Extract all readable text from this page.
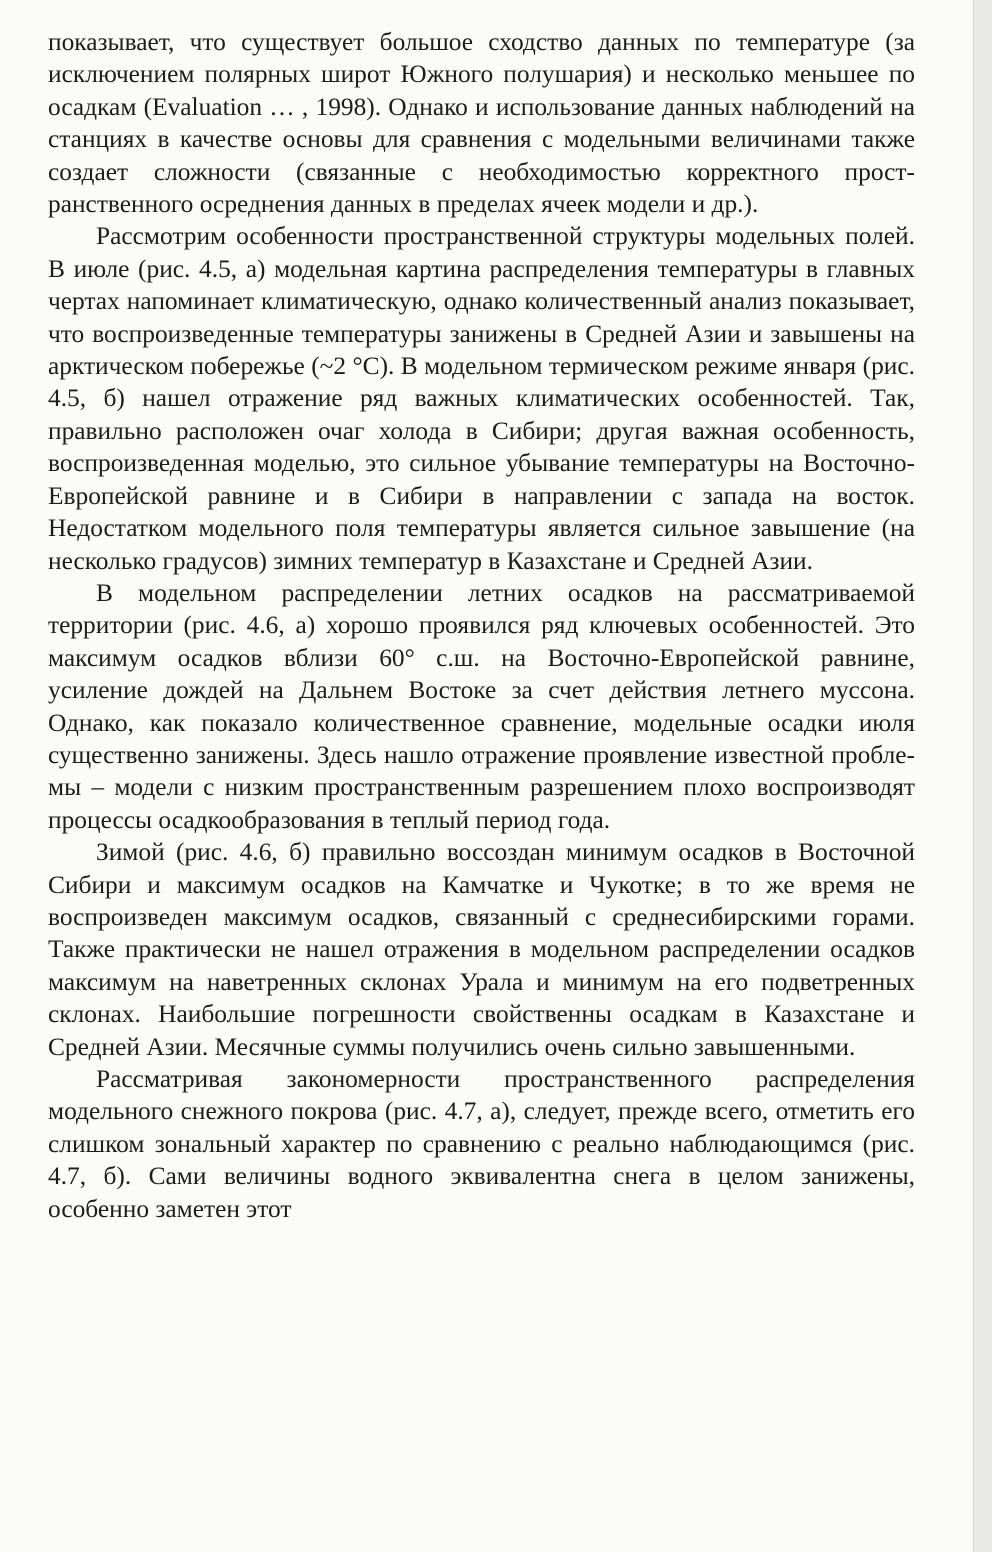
показывает, что существует большое сходство данных по температуре (за исключением полярных широт Южного полушария) и несколько меньшее по осадкам (Evaluation … , 1998). Однако и использование данных наблюдений на станциях в качестве основы для сравнения с модельными величинами также создает сложности (связанные с необходимостью корректного пространственного осреднения данных в пределах ячеек модели и др.).

Рассмотрим особенности пространственной структуры модельных полей. В июле (рис. 4.5, а) модельная картина распределения температуры в главных чертах напоминает климатическую, однако количественный анализ показывает, что воспроизведенные температуры занижены в Средней Азии и завышены на арктическом побережье (~2 °С). В модельном термическом режиме января (рис. 4.5, б) нашел отражение ряд важных климатических особенностей. Так, правильно расположен очаг холода в Сибири; другая важная особенность, воспроизведенная моделью, это сильное убывание температуры на Восточно-Европейской равнине и в Сибири в направлении с запада на восток. Недостатком модельного поля температуры является сильное завышение (на несколько градусов) зимних температур в Казахстане и Средней Азии.

В модельном распределении летних осадков на рассматриваемой территории (рис. 4.6, а) хорошо проявился ряд ключевых особенностей. Это максимум осадков вблизи 60° с.ш. на Восточно-Европейской равнине, усиление дождей на Дальнем Востоке за счет действия летнего муссона. Однако, как показало количественное сравнение, модельные осадки июля существенно занижены. Здесь нашло отражение проявление известной проблемы – модели с низким пространственным разрешением плохо воспроизводят процессы осадкообразования в теплый период года.

Зимой (рис. 4.6, б) правильно воссоздан минимум осадков в Восточной Сибири и максимум осадков на Камчатке и Чукотке; в то же время не воспроизведен максимум осадков, связанный с среднесибирскими горами. Также практически не нашел отражения в модельном распределении осадков максимум на наветренных склонах Урала и минимум на его подветренных склонах. Наибольшие погрешности свойственны осадкам в Казахстане и Средней Азии. Месячные суммы получились очень сильно завышенными.

Рассматривая закономерности пространственного распределения модельного снежного покрова (рис. 4.7, а), следует, прежде всего, отметить его слишком зональный характер по сравнению с реально наблюдающимся (рис. 4.7, б). Сами величины водного эквивалентна снега в целом занижены, особенно заметен этот
